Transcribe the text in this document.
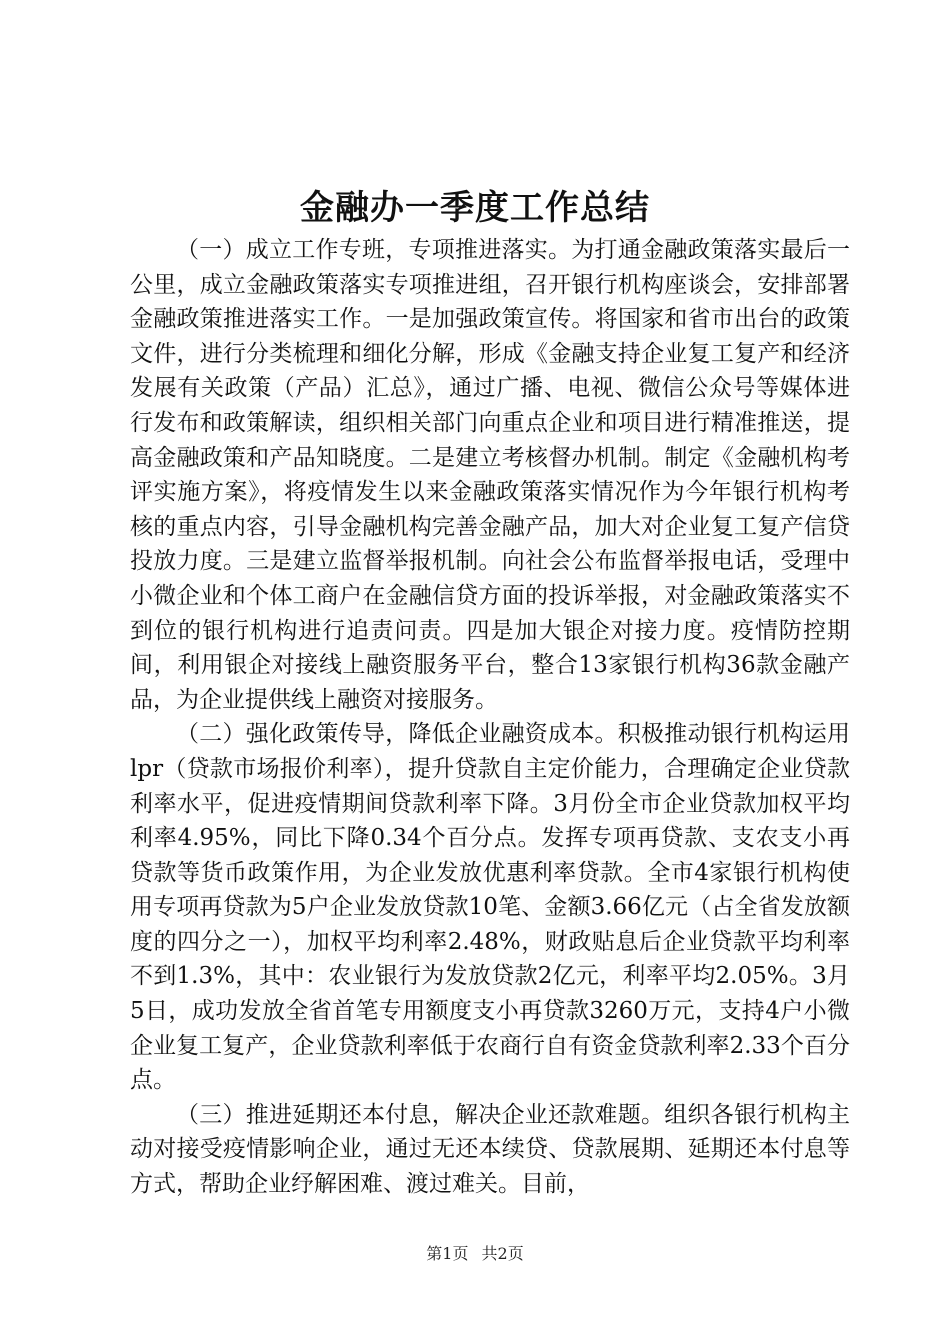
金融办一季度工作总结

（一）成立工作专班，专项推进落实。为打通金融政策落实最后一公里，成立金融政策落实专项推进组，召开银行机构座谈会，安排部署金融政策推进落实工作。一是加强政策宣传。将国家和省市出台的政策文件，进行分类梳理和细化分解，形成《金融支持企业复工复产和经济发展有关政策（产品）汇总》，通过广播、电视、微信公众号等媒体进行发布和政策解读，组织相关部门向重点企业和项目进行精准推送，提高金融政策和产品知晓度。二是建立考核督办机制。制定《金融机构考评实施方案》，将疫情发生以来金融政策落实情况作为今年银行机构考核的重点内容，引导金融机构完善金融产品，加大对企业复工复产信贷投放力度。三是建立监督举报机制。向社会公布监督举报电话，受理中小微企业和个体工商户在金融信贷方面的投诉举报，对金融政策落实不到位的银行机构进行追责问责。四是加大银企对接力度。疫情防控期间，利用银企对接线上融资服务平台，整合13家银行机构36款金融产品，为企业提供线上融资对接服务。

（二）强化政策传导，降低企业融资成本。积极推动银行机构运用lpr（贷款市场报价利率），提升贷款自主定价能力，合理确定企业贷款利率水平，促进疫情期间贷款利率下降。3月份全市企业贷款加权平均利率4.95%，同比下降0.34个百分点。发挥专项再贷款、支农支小再贷款等货币政策作用，为企业发放优惠利率贷款。全市4家银行机构使用专项再贷款为5户企业发放贷款10笔、金额3.66亿元（占全省发放额度的四分之一），加权平均利率2.48%，财政贴息后企业贷款平均利率不到1.3%，其中：农业银行为发放贷款2亿元，利率平均2.05%。3月5日，成功发放全省首笔专用额度支小再贷款3260万元，支持4户小微企业复工复产，企业贷款利率低于农商行自有资金贷款利率2.33个百分点。

（三）推进延期还本付息，解决企业还款难题。组织各银行机构主动对接受疫情影响企业，通过无还本续贷、贷款展期、延期还本付息等方式，帮助企业纾解困难、渡过难关。目前，

第1页 共2页
